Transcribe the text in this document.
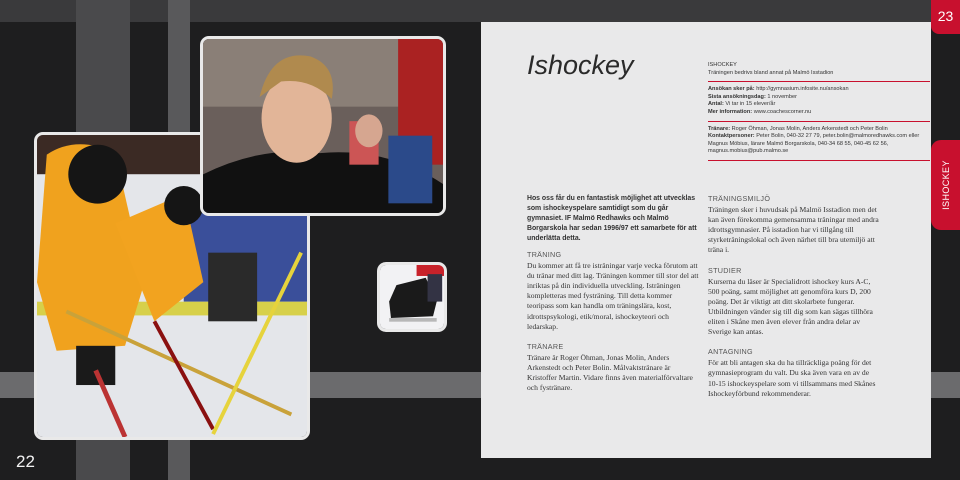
22
23
ISHOCKEY
Ishockey	ISHOCKEY
Träningen bedrivs bland annat på Malmö Isstadion
Ansökan sker på: http://gymnasium.infosite.nu/ansokan
Sista ansökningsdag: 1 november
Antal: Vi tar in 15 elever/år
Mer information: www.coachescorner.nu
Tränare: Roger Öhman, Jonas Molin, Anders Arkenstedt och Peter Bolin
Kontaktpersoner: Peter Bolin, 040-32 27 79, peter.bolin@malmoredhawks.com eller Magnus Möbius, lärare Malmö Borgarskola, 040-34 68 55, 040-45 62 56, magnus.mobius@pub.malmo.se

Hos oss får du en fantastisk möjlighet att utvecklas som ishockeyspelare samtidigt som du går gymnasiet. IF Malmö Redhawks och Malmö Borgarskola har sedan 1996/97 ett samarbete för att underlätta detta.

TRÄNING

Du kommer att få tre isträningar varje vecka förutom att du tränar med ditt lag. Träningen kommer till stor del att inriktas på din individuella utveckling. Isträningen kompletteras med fysträning. Till detta kommer teoripass som kan handla om träningslära, kost, idrottspsykologi, etik/moral, ishockeyteori och ledarskap.

TRÄNARE

Tränare är Roger Öhman, Jonas Molin, Anders Arkenstedt och Peter Bolin. Målvaktstränare är Kristoffer Martin. Vidare finns även materialförvaltare och fystränare.

TRÄNINGSMILJÖ

Träningen sker i huvudsak på Malmö Isstadion men det kan även förekomma gemensamma träningar med andra idrottsgymnasier. På isstadion har vi tillgång till styrketräningslokal och även närhet till bra utemiljö att träna i.

STUDIER

Kurserna du läser är Specialidrott ishockey kurs A-C, 500 poäng, samt möjlighet att genomföra kurs D, 200 poäng. Det är viktigt att ditt skolarbete fungerar. Utbildningen vänder sig till dig som kan sägas tillhöra eliten i Skåne men även elever från andra delar av Sverige kan antas.

ANTAGNING

För att bli antagen ska du ha tillräckliga poäng för det gymnasieprogram du valt. Du ska även vara en av de 10-15 ishockeyspelare som vi tillsammans med Skånes Ishockeyförbund rekommenderar.
